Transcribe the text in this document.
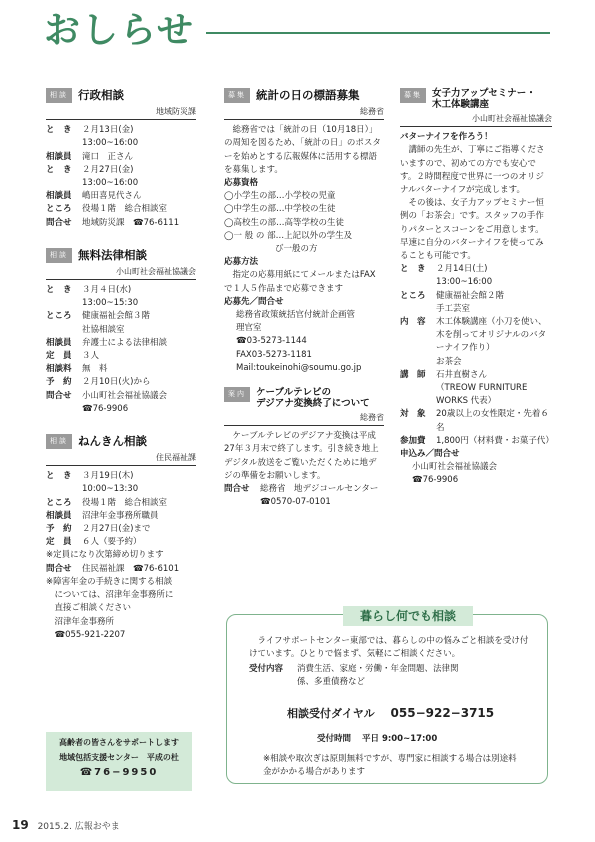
おしらせ
相談 行政相談
地域防災課
と　き	２月13日(金)
13:00~16:00
相談員	滝口　正さん
と　き	２月27日(金)
13:00~16:00
相談員	嶋田喜見代さん
ところ	役場１階　総合相談室
問合せ	地域防災課　☎76-6111
相談 無料法律相談
小山町社会福祉協議会
と　き	３月４日(水)
13:00~15:30
ところ	健康福祉会館３階
社協相談室
相談員	弁護士による法律相談
定　員	３人
相談料	無　料
予　約	２月10日(火)から
問合せ	小山町社会福祉協議会
☎76-9906
相談 ねんきん相談
住民福祉課
と　き	３月19日(木)
10:00~13:30
ところ	役場１階　総合相談室
相談員	沼津年金事務所職員
予　約	２月27日(金)まで
定　員	６人（要予約）
※定員になり次第締め切ります
問合せ	住民福祉課　☎76-6101
※障害年金の手続きに関する相談
　については、沼津年金事務所に
　直接ご相談ください
　沼津年金事務所
　☎055-921-2207
高齢者の皆さんをサポートします
地域包括支援センター　平成の杜
☎76−9950
募集 統計の日の標語募集
総務省
総務省では「統計の日（10月18日）」の周知を図るため、「統計の日」のポスターを始めとする広報媒体に活用する標語を募集します。
応募資格
◯小学生の部…小学校の児童
◯中学生の部…中学校の生徒
◯高校生の部…高等学校の生徒
◯一 般 の 部…上記以外の学生及
　　　　　　び一般の方
応募方法
指定の応募用紙にてメールまたはFAXで１人５作品まで応募できます
応募先／問合せ
総務省政策統括官付統計企画管
理官室
☎03-5273-1144
FAX03-5273-1181
Mail:toukeinohi@soumu.go.jp
案内	ケーブルテレビの
デジアナ変換終了について
総務省
ケーブルテレビのデジアナ変換は平成27年３月末で終了します。引き続き地上デジタル放送をご覧いただくために地デジの準備をお願いします。
問合せ	総務省　地デジコールセンター　☎0570-07-0101
募集	女子力アップセミナー・
木工体験講座
小山町社会福祉協議会
バターナイフを作ろう！
講師の先生が、丁寧にご指導くださいますので、初めての方でも安心です。２時間程度で世界に一つのオリジナルバターナイフが完成します。
その後は、女子力アップセミナー恒例の「お茶会」です。スタッフの手作りパターとスコーンをご用意します。早速に自分のバターナイフを使ってみることも可能です。
と　き	２月14日(土)
13:00~16:00
ところ	健康福祉会館２階
手工芸室
内　容	木工体験講座（小刀を使い、木を削ってオリジナルのバターナイフ作り）
お茶会
講　師	石井直樹さん
（TREOW FURNITURE
WORKS 代表）
対　象	20歳以上の女性限定・先着６名
参加費	1,800円（材料費・お菓子代）
申込み／問合せ
小山町社会福祉協議会
☎76-9906
暮らし何でも相談
ライフサポートセンター東部では、暮らしの中の悩みごと相談を受け付けています。ひとりで悩まず、気軽にご相談ください。
受付内容	消費生活、家庭・労働・年金問題、法律関係、多重債務など
相談受付ダイヤル 055−922−3715
受付時間 平日 9:00~17:00
※相談や取次ぎは原則無料ですが、専門家に相談する場合は別途料金がかかる場合があります
19 2015.2. 広報おやま
